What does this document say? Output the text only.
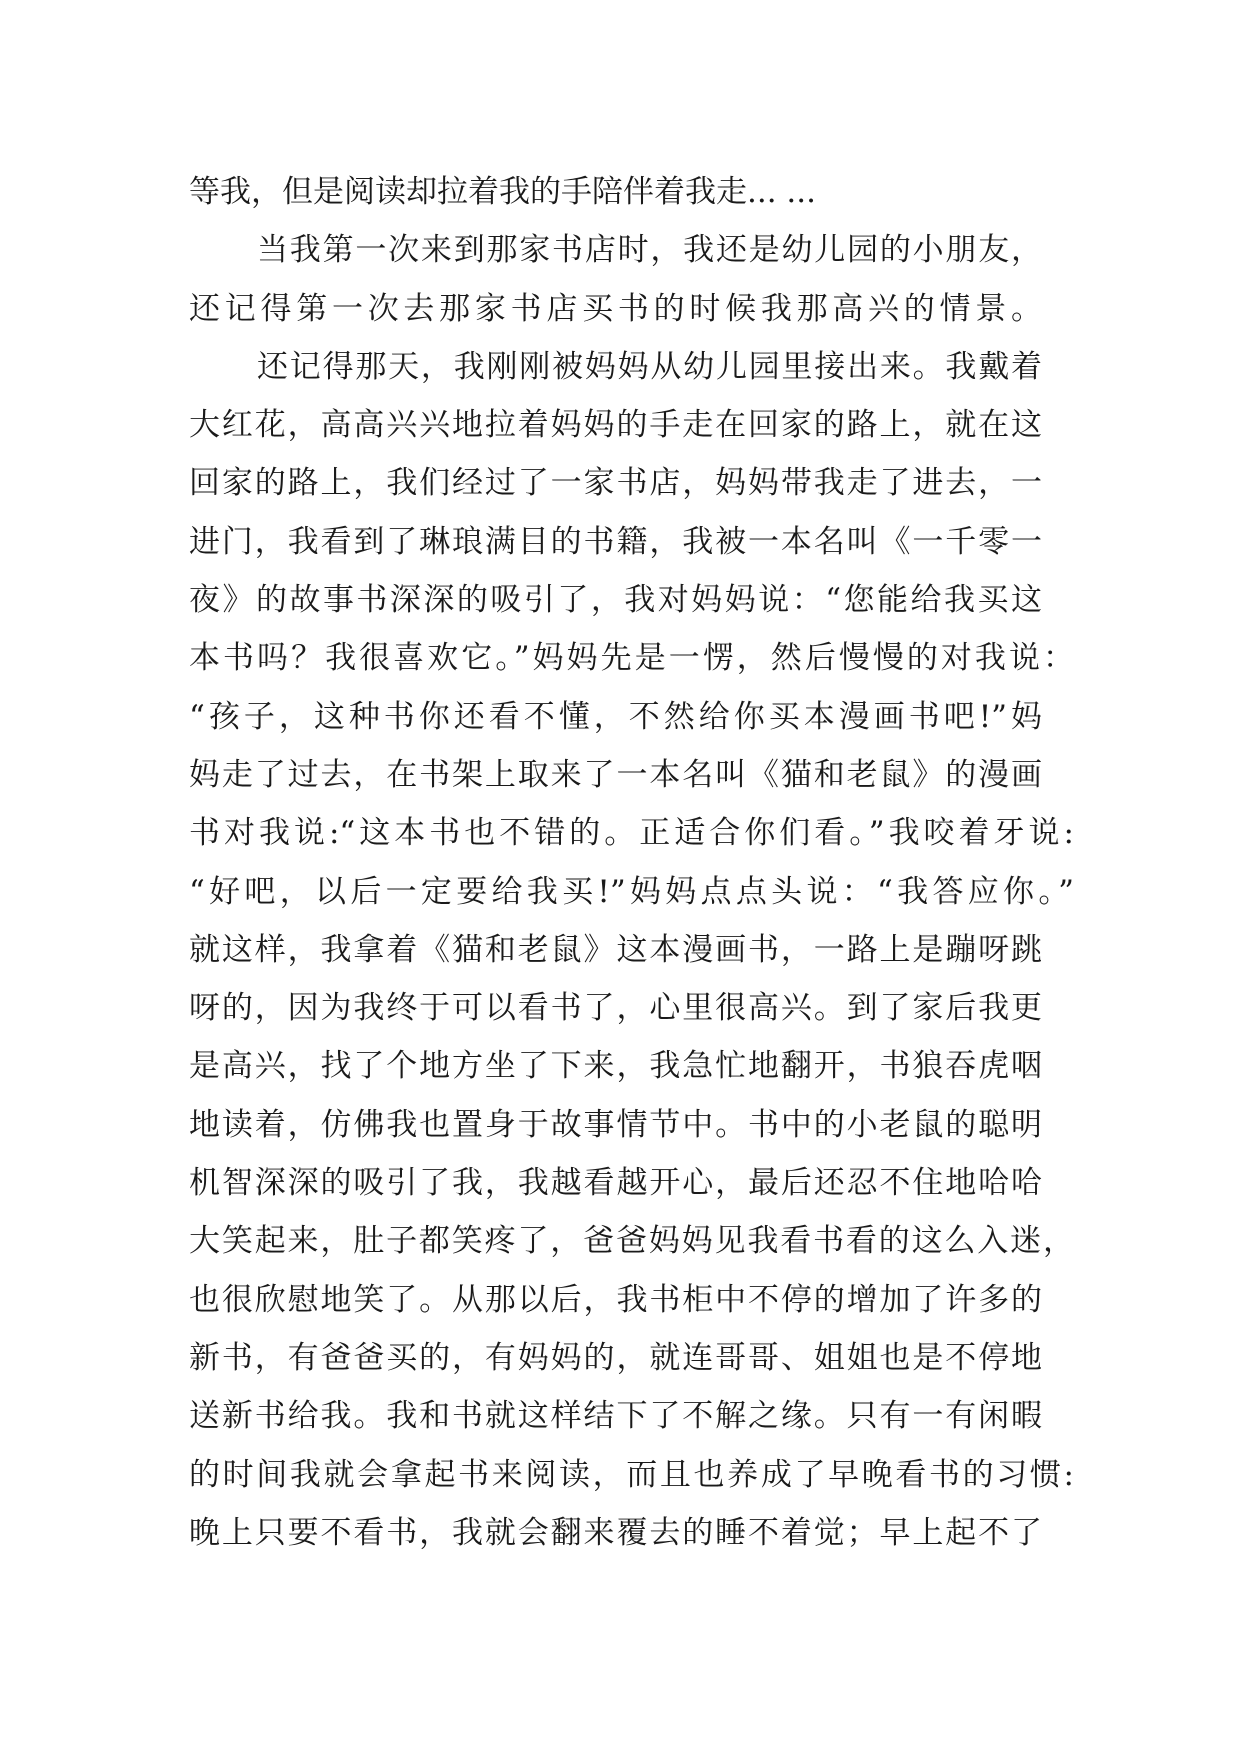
等我，但是阅读却拉着我的手陪伴着我走... ...
当我第一次来到那家书店时，我还是幼儿园的小朋友，
还记得第一次去那家书店买书的时候我那高兴的情景。
还记得那天，我刚刚被妈妈从幼儿园里接出来。我戴着
大红花，高高兴兴地拉着妈妈的手走在回家的路上，就在这
回家的路上，我们经过了一家书店，妈妈带我走了进去，一
进门，我看到了琳琅满目的书籍，我被一本名叫《一千零一
夜》的故事书深深的吸引了，我对妈妈说：“您能给我买这
本书吗？我很喜欢它。”妈妈先是一愣，然后慢慢的对我说：
“孩子，这种书你还看不懂，不然给你买本漫画书吧!”妈
妈走了过去，在书架上取来了一本名叫《猫和老鼠》的漫画
书对我说:“这本书也不错的。正适合你们看。”我咬着牙说:
“好吧，以后一定要给我买!”妈妈点点头说：“我答应你。”
就这样，我拿着《猫和老鼠》这本漫画书，一路上是蹦呀跳
呀的，因为我终于可以看书了，心里很高兴。到了家后我更
是高兴，找了个地方坐了下来，我急忙地翻开，书狼吞虎咽
地读着，仿佛我也置身于故事情节中。书中的小老鼠的聪明
机智深深的吸引了我，我越看越开心，最后还忍不住地哈哈
大笑起来，肚子都笑疼了，爸爸妈妈见我看书看的这么入迷，
也很欣慰地笑了。从那以后，我书柜中不停的增加了许多的
新书，有爸爸买的，有妈妈的，就连哥哥、姐姐也是不停地
送新书给我。我和书就这样结下了不解之缘。只有一有闲暇
的时间我就会拿起书来阅读，而且也养成了早晚看书的习惯:
晚上只要不看书，我就会翻来覆去的睡不着觉；早上起不了
